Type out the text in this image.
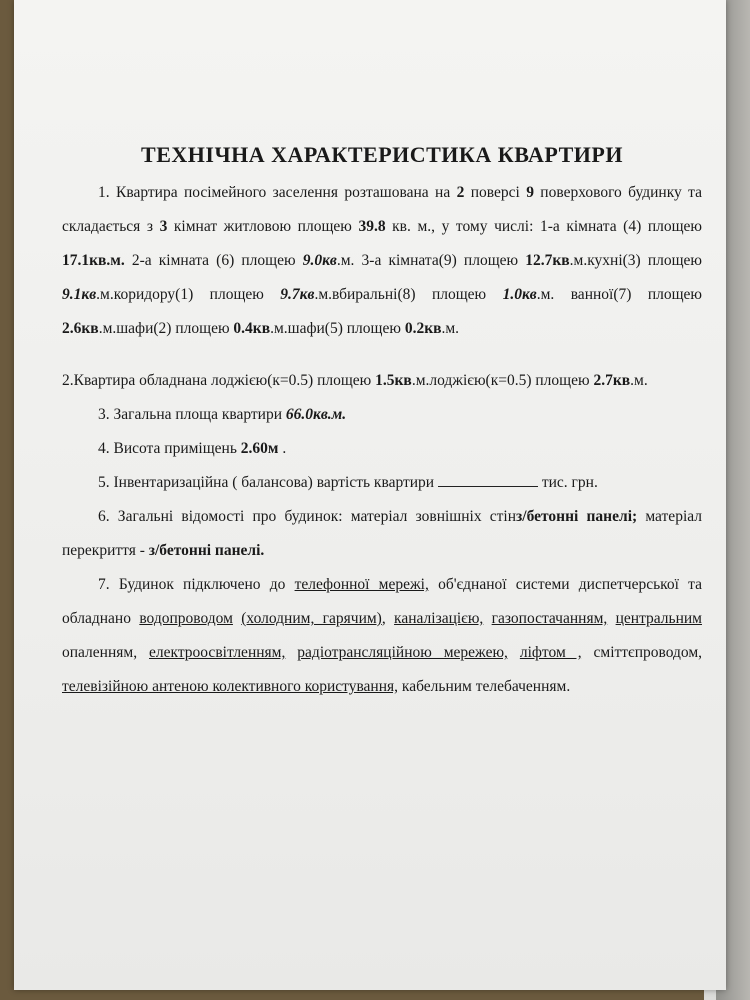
ТЕХНІЧНА ХАРАКТЕРИСТИКА КВАРТИРИ

1. Квартира посімейного заселення розташована на 2 поверсі 9 поверхового будинку та складається з 3 кімнат житловою площею 39.8 кв. м., у тому числі: 1-а кімната (4) площею 17.1кв.м. 2-а кімната (6) площею 9.0кв.м. 3-а кімната(9) площею 12.7кв.м.кухні(3) площею 9.1кв.м.коридору(1) площею 9.7кв.м.вбиральні(8) площею 1.0кв.м. ванної(7) площею 2.6кв.м.шафи(2) площею 0.4кв.м.шафи(5) площею 0.2кв.м.

2.Квартира обладнана лоджією(к=0.5) площею 1.5кв.м.лоджією(к=0.5) площею 2.7кв.м.

3. Загальна площа квартири 66.0кв.м.

4. Висота приміщень 2.60м .

5. Інвентаризаційна ( балансова) вартість квартири	тис. грн.

6. Загальні відомості про будинок: матеріал зовнішніх стінз/бетонні панелі; матеріал перекриття - з/бетонні панелі.

7. Будинок підключено до телефонної мережі, об'єднаної системи диспетчерської та обладнано водопроводом (холодним, гарячим), каналізацією, газопостачанням, центральним опаленням, електроосвітленням, радіотрансляційною мережею, ліфтом , сміттєпроводом, телевізійною антеною колективного користування, кабельним телебаченням.
